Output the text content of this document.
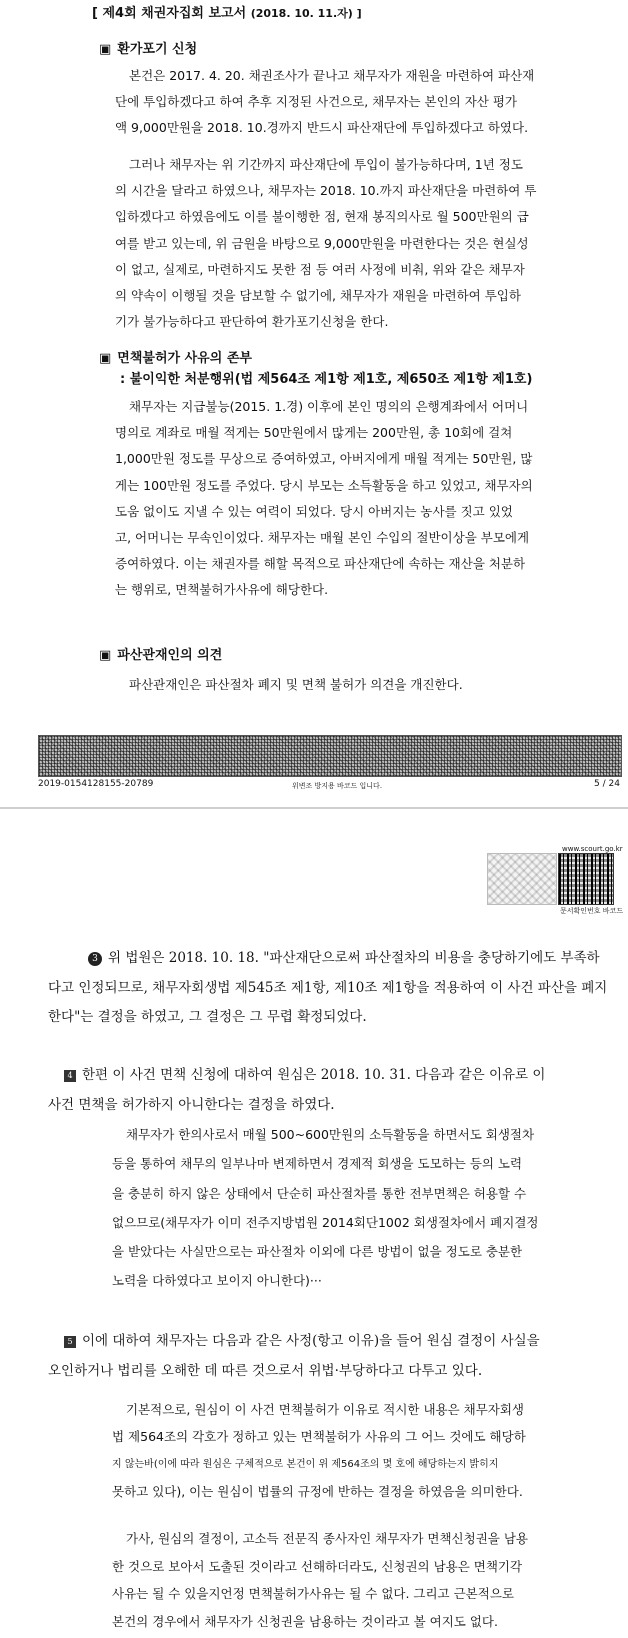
[ 제4회 채권자집회 보고서 (2018. 10. 11.자) ]
▣ 환가포기 신청
본건은 2017. 4. 20. 채권조사가 끝나고 채무자가 재원을 마련하여 파산재
단에 투입하겠다고 하여 추후 지정된 사건으로, 채무자는 본인의 자산 평가
액 9,000만원을 2018. 10.경까지 반드시 파산재단에 투입하겠다고 하였다.
그러나 채무자는 위 기간까지 파산재단에 투입이 불가능하다며, 1년 정도
의 시간을 달라고 하였으나, 채무자는 2018. 10.까지 파산재단을 마련하여 투
입하겠다고 하였음에도 이를 불이행한 점, 현재 봉직의사로 월 500만원의 급
여를 받고 있는데, 위 금원을 바탕으로 9,000만원을 마련한다는 것은 현실성
이 없고, 실제로, 마련하지도 못한 점 등 여러 사정에 비춰, 위와 같은 채무자
의 약속이 이행될 것을 담보할 수 없기에, 채무자가 재원을 마련하여 투입하
기가 불가능하다고 판단하여 환가포기신청을 한다.
▣ 면책불허가 사유의 존부
: 불이익한 처분행위(법 제564조 제1항 제1호, 제650조 제1항 제1호)
채무자는 지급불능(2015. 1.경) 이후에 본인 명의의 은행계좌에서 어머니
명의로 계좌로 매월 적게는 50만원에서 많게는 200만원, 총 10회에 걸쳐
1,000만원 정도를 무상으로 증여하였고, 아버지에게 매월 적게는 50만원, 많
게는 100만원 정도를 주었다. 당시 부모는 소득활동을 하고 있었고, 채무자의
도움 없이도 지낼 수 있는 여력이 되었다. 당시 아버지는 농사를 짓고 있었
고, 어머니는 무속인이었다. 채무자는 매월 본인 수입의 절반이상을 부모에게
증여하였다. 이는 채권자를 해할 목적으로 파산재단에 속하는 재산을 처분하
는 행위로, 면책불허가사유에 해당한다.
▣ 파산관재인의 의견
파산관재인은 파산절차 폐지 및 면책 불허가 의견을 개진한다.
2019-0154128155-20789	위변조 방지용 바코드 입니다.	5 / 24
www.scourt.go.kr
문서확인번호 바코드
3 위 법원은 2018. 10. 18. "파산재단으로써 파산절차의 비용을 충당하기에도 부족하
다고 인정되므로, 채무자회생법 제545조 제1항, 제10조 제1항을 적용하여 이 사건 파산을 폐지
한다"는 결정을 하였고, 그 결정은 그 무렵 확정되었다.
4 한편 이 사건 면책 신청에 대하여 원심은 2018. 10. 31. 다음과 같은 이유로 이
사건 면책을 허가하지 아니한다는 결정을 하였다.
채무자가 한의사로서 매월 500~600만원의 소득활동을 하면서도 회생절차
등을 통하여 채무의 일부나마 변제하면서 경제적 회생을 도모하는 등의 노력
을 충분히 하지 않은 상태에서 단순히 파산절차를 통한 전부면책은 허용할 수
없으므로(채무자가 이미 전주지방법원 2014회단1002 회생절차에서 폐지결정
을 받았다는 사실만으로는 파산절차 이외에 다른 방법이 없을 정도로 충분한
노력을 다하였다고 보이지 아니한다)···
5 이에 대하여 채무자는 다음과 같은 사정(항고 이유)을 들어 원심 결정이 사실을
오인하거나 법리를 오해한 데 따른 것으로서 위법·부당하다고 다투고 있다.
기본적으로, 원심이 이 사건 면책불허가 이유로 적시한 내용은 채무자회생
법 제564조의 각호가 정하고 있는 면책불허가 사유의 그 어느 것에도 해당하
지 않는바(이에 따라 원심은 구체적으로 본건이 위 제564조의 몇 호에 해당하는지 밝히지
못하고 있다), 이는 원심이 법률의 규정에 반하는 결정을 하였음을 의미한다.
가사, 원심의 결정이, 고소득 전문직 종사자인 채무자가 면책신청권을 남용
한 것으로 보아서 도출된 것이라고 선해하더라도, 신청권의 남용은 면책기각
사유는 될 수 있을지언정 면책불허가사유는 될 수 없다. 그리고 근본적으로
본건의 경우에서 채무자가 신청권을 남용하는 것이라고 볼 여지도 없다.
